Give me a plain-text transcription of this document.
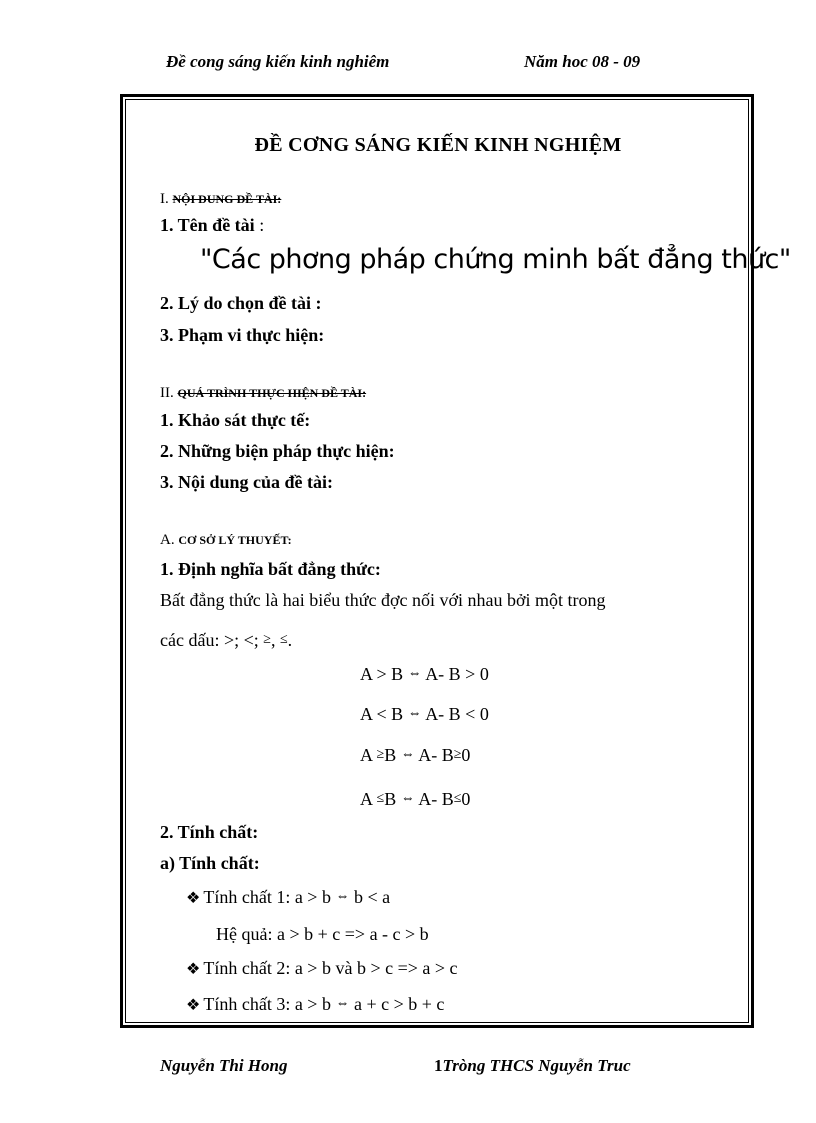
Đề cong sáng kiến kinh nghiêm	Năm hoc 08 - 09
ĐỀ CƠNG SÁNG KIẾN KINH NGHIỆM
I. NỘI DUNG ĐỀ TÀI:
1. Tên đề tài :
"Các phơng pháp chứng minh bất đẳng thức"
2. Lý do chọn đề tài :
3. Phạm vi thực hiện:
II. QUÁ TRÌNH THỰC HIỆN ĐỀ TÀI:
1. Khảo sát thực tế:
2. Những biện pháp thực hiện:
3. Nội dung của đề tài:
A. CƠ SỞ LÝ THUYẾT:
1. Định nghĩa bất đẳng thức:
Bất đẳng thức là hai biểu thức đợc nối với nhau bởi một trong
các dấu: >; <; ≥, ≤.
A > B ⇔ A- B > 0
A < B ⇔ A- B < 0
A ≥B ⇔ A- B≥0
A ≤B ⇔ A- B≤0
2. Tính chất:
a) Tính chất:
❖ Tính chất 1: a > b ⇔ b < a
Hệ quả: a > b + c => a - c > b
❖ Tính chất 2: a > b và b > c => a > c
❖ Tính chất 3: a > b ⇔ a + c > b + c
Nguyễn Thi Hong	1Tròng THCS Nguyễn Truc
